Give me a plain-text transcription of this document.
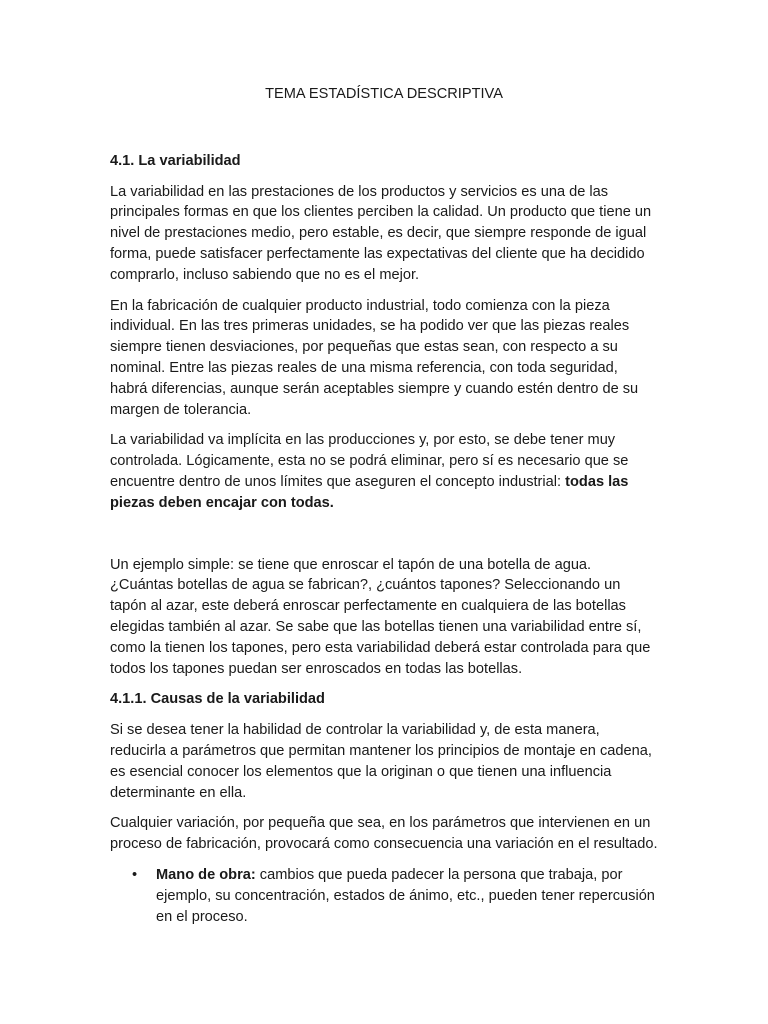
TEMA ESTADÍSTICA DESCRIPTIVA
4.1. La variabilidad

La variabilidad en las prestaciones de los productos y servicios es una de las principales formas en que los clientes perciben la calidad. Un producto que tiene un nivel de prestaciones medio, pero estable, es decir, que siempre responde de igual forma, puede satisfacer perfectamente las expectativas del cliente que ha decidido comprarlo, incluso sabiendo que no es el mejor.

En la fabricación de cualquier producto industrial, todo comienza con la pieza individual. En las tres primeras unidades, se ha podido ver que las piezas reales siempre tienen desviaciones, por pequeñas que estas sean, con respecto a su nominal. Entre las piezas reales de una misma referencia, con toda seguridad, habrá diferencias, aunque serán aceptables siempre y cuando estén dentro de su margen de tolerancia.

La variabilidad va implícita en las producciones y, por esto, se debe tener muy controlada. Lógicamente, esta no se podrá eliminar, pero sí es necesario que se encuentre dentro de unos límites que aseguren el concepto industrial: todas las piezas deben encajar con todas.

Un ejemplo simple: se tiene que enroscar el tapón de una botella de agua. ¿Cuántas botellas de agua se fabrican?, ¿cuántos tapones? Seleccionando un tapón al azar, este deberá enroscar perfectamente en cualquiera de las botellas elegidas también al azar. Se sabe que las botellas tienen una variabilidad entre sí, como la tienen los tapones, pero esta variabilidad deberá estar controlada para que todos los tapones puedan ser enroscados en todas las botellas.

4.1.1. Causas de la variabilidad

Si se desea tener la habilidad de controlar la variabilidad y, de esta manera, reducirla a parámetros que permitan mantener los principios de montaje en cadena, es esencial conocer los elementos que la originan o que tienen una influencia determinante en ella.

Cualquier variación, por pequeña que sea, en los parámetros que intervienen en un proceso de fabricación, provocará como consecuencia una variación en el resultado.

• Mano de obra: cambios que pueda padecer la persona que trabaja, por ejemplo, su concentración, estados de ánimo, etc., pueden tener repercusión en el proceso.
